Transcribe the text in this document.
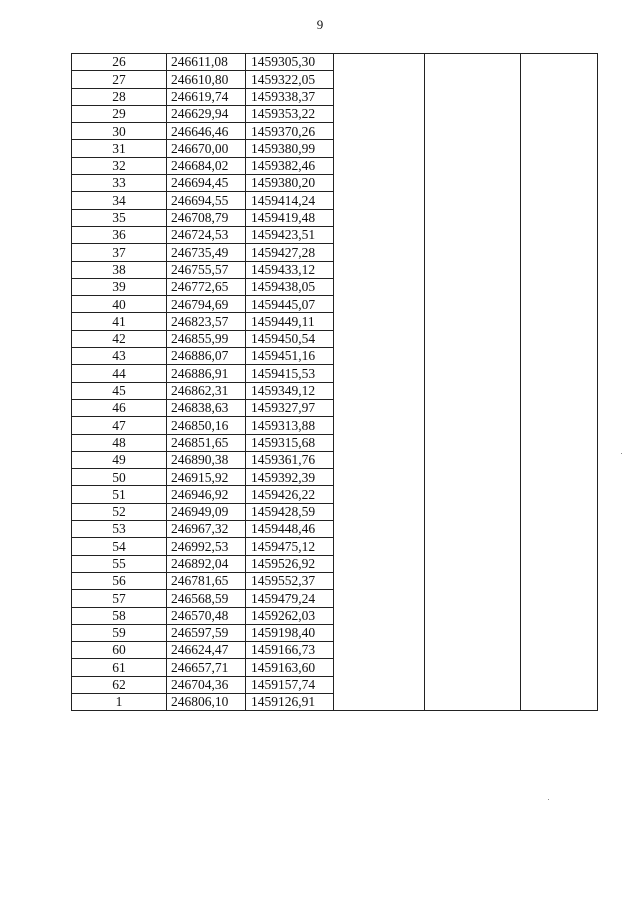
9
26	246611,08	1459305,30			
27	246610,80	1459322,05			
28	246619,74	1459338,37			
29	246629,94	1459353,22			
30	246646,46	1459370,26			
31	246670,00	1459380,99			
32	246684,02	1459382,46			
33	246694,45	1459380,20			
34	246694,55	1459414,24			
35	246708,79	1459419,48			
36	246724,53	1459423,51			
37	246735,49	1459427,28			
38	246755,57	1459433,12			
39	246772,65	1459438,05			
40	246794,69	1459445,07			
41	246823,57	1459449,11			
42	246855,99	1459450,54			
43	246886,07	1459451,16			
44	246886,91	1459415,53			
45	246862,31	1459349,12			
46	246838,63	1459327,97			
47	246850,16	1459313,88			
48	246851,65	1459315,68			
49	246890,38	1459361,76			
50	246915,92	1459392,39			
51	246946,92	1459426,22			
52	246949,09	1459428,59			
53	246967,32	1459448,46			
54	246992,53	1459475,12			
55	246892,04	1459526,92			
56	246781,65	1459552,37			
57	246568,59	1459479,24			
58	246570,48	1459262,03			
59	246597,59	1459198,40			
60	246624,47	1459166,73			
61	246657,71	1459163,60			
62	246704,36	1459157,74			
1	246806,10	1459126,91			
